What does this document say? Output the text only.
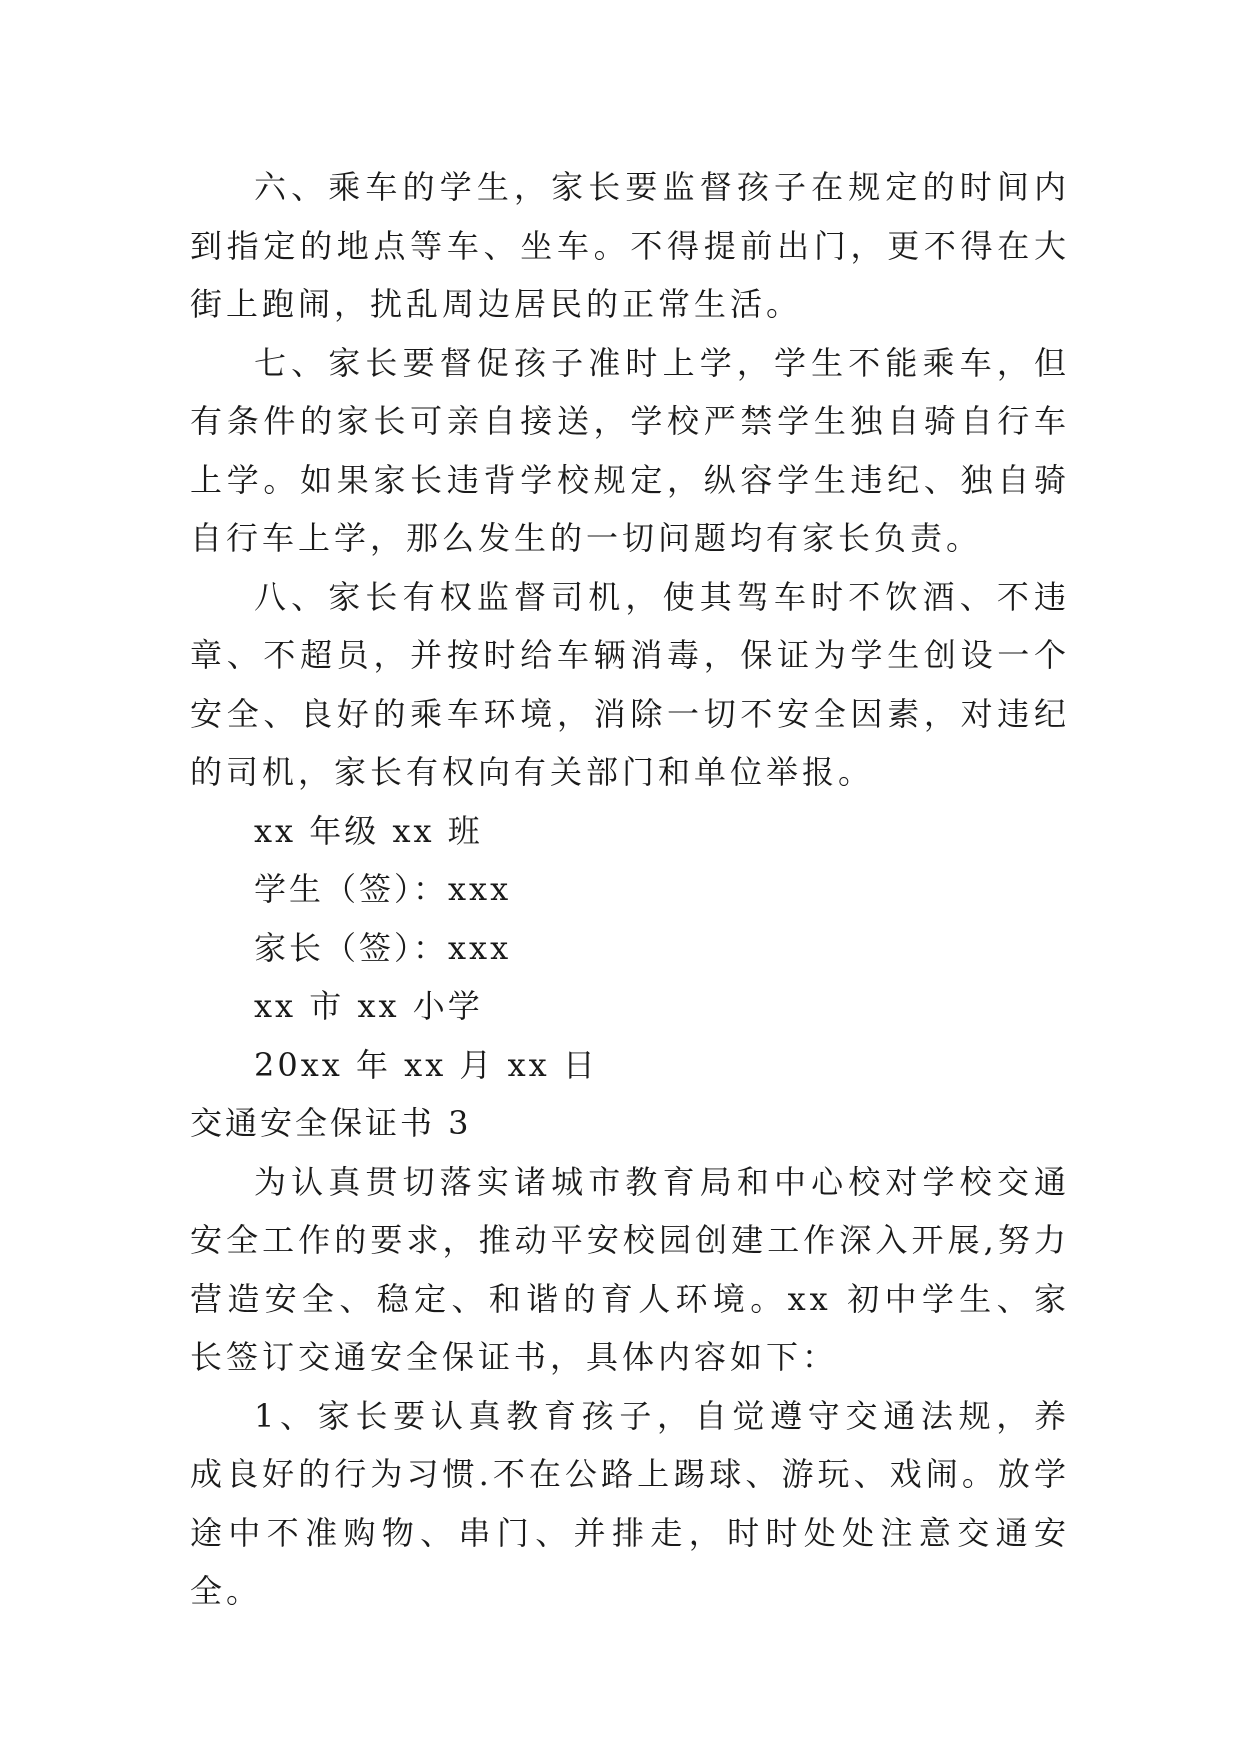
六、乘车的学生，家长要监督孩子在规定的时间内到指定的地点等车、坐车。不得提前出门，更不得在大街上跑闹，扰乱周边居民的正常生活。

七、家长要督促孩子准时上学，学生不能乘车，但有条件的家长可亲自接送，学校严禁学生独自骑自行车上学。如果家长违背学校规定，纵容学生违纪、独自骑自行车上学，那么发生的一切问题均有家长负责。

八、家长有权监督司机，使其驾车时不饮酒、不违章、不超员，并按时给车辆消毒，保证为学生创设一个安全、良好的乘车环境，消除一切不安全因素，对违纪的司机，家长有权向有关部门和单位举报。

xx 年级 xx 班

学生（签）：xxx

家长（签）：xxx

xx 市 xx 小学

20xx 年 xx 月 xx 日

交通安全保证书 3

为认真贯切落实诸城市教育局和中心校对学校交通安全工作的要求，推动平安校园创建工作深入开展,努力营造安全、稳定、和谐的育人环境。xx 初中学生、家长签订交通安全保证书，具体内容如下：

1、家长要认真教育孩子，自觉遵守交通法规，养成良好的行为习惯.不在公路上踢球、游玩、戏闹。放学途中不准购物、串门、并排走，时时处处注意交通安全。
